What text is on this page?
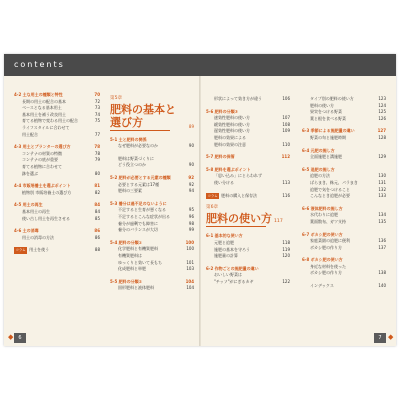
contents
4-2 土な用土の種類と特性	70
長期の用土の配合の基本	72
ベースとなる基本用土	73
基本用土を補う改良用土	74
育てる植物で変わる用土の配合	75
ライフスタイルに合わせて
用土配合	77
4-3 用土とプランターの選び方	78
コンテナの材質の特徴	78
コンテナの底が重要	79
育てる植物に合わせて
鉢を選ぶ	80
4-4 市販培養土を選ぶポイント	81
植物別 市販培養土の選び方	82
4-5 用土の再生	84
基本用土の再生	84
使い古し用土を再生させる	85
4-6 土の消毒	86
用土の消毒の方法	86
コラム 用土を使う	88
第5章
肥料の基本と
選び方	89
5-1 土と肥料の関係
なぜ肥料が必要なのか	90
肥料は野菜づくりに
どう役立つのか	90
5-2 肥料が必要とする元素の種類	92
必要とする元素は17種	92
肥料の三要素	94
5-3 養分は過不足のないように
不足すると生育が悪くなる	95
不足するとこんな症状が出る	96
養分が過剰でも障害に	98
養分のバランスが大切	99
5-4 肥料の分類①	100
化学肥料と有機質肥料	100
有機質肥料は
ゆっくりと効いて長もち	101
化成肥料と単肥	103
5-5 肥料の分類②	104
固形肥料と液体肥料	104
形状によって効き方が違う	106
5-6 肥料の分類③
速効性肥料の使い方	107
緩効性肥料の使い方	108
遅効性肥料の使い方	109
肥料の効果による
肥料の効果の注意	110
5-7 肥料の保管	112
5-8 肥料を選ぶポイント
「思い込み」にとらわれず
使い分ける	113
コラム 肥料の購入と保存法	116
第6章
肥料の使い方 117
6-1 基本的な使い方
元肥と追肥	118
施肥の基本を守ろう	119
施肥量の計算	120
6-2 作物ごとの施肥量の違い
おいしい野菜は
"チッソ"がにぎるカギ	122
タイプ別の肥料の使い方	123
肥料の使い方	124
果実をつける野菜	125
葉と根を食べる野菜	126
6-3 季節による施肥量の違い	127
野菜の旬と施肥時期	128
6-4 元肥の施し方
全面施肥と溝施肥	129
6-5 追肥の施し方
追肥の方法	130
ばらまき、株元、パラまき	131
追肥で気をつけること	132
こんなとき追肥が必要	133
6-6 液体肥料の施し方
水代わりに追肥	134
葉面散布、ガツ支持	135
6-7 ボカシ肥の使い方
家庭菜園の追肥に便利	136
ボカシ肥の作り方	137
6-8 ボカシ肥の使い方
身近な材料を使った
ボカシ肥の作り方	138
インデックス	140
6
◆	7 ◆
